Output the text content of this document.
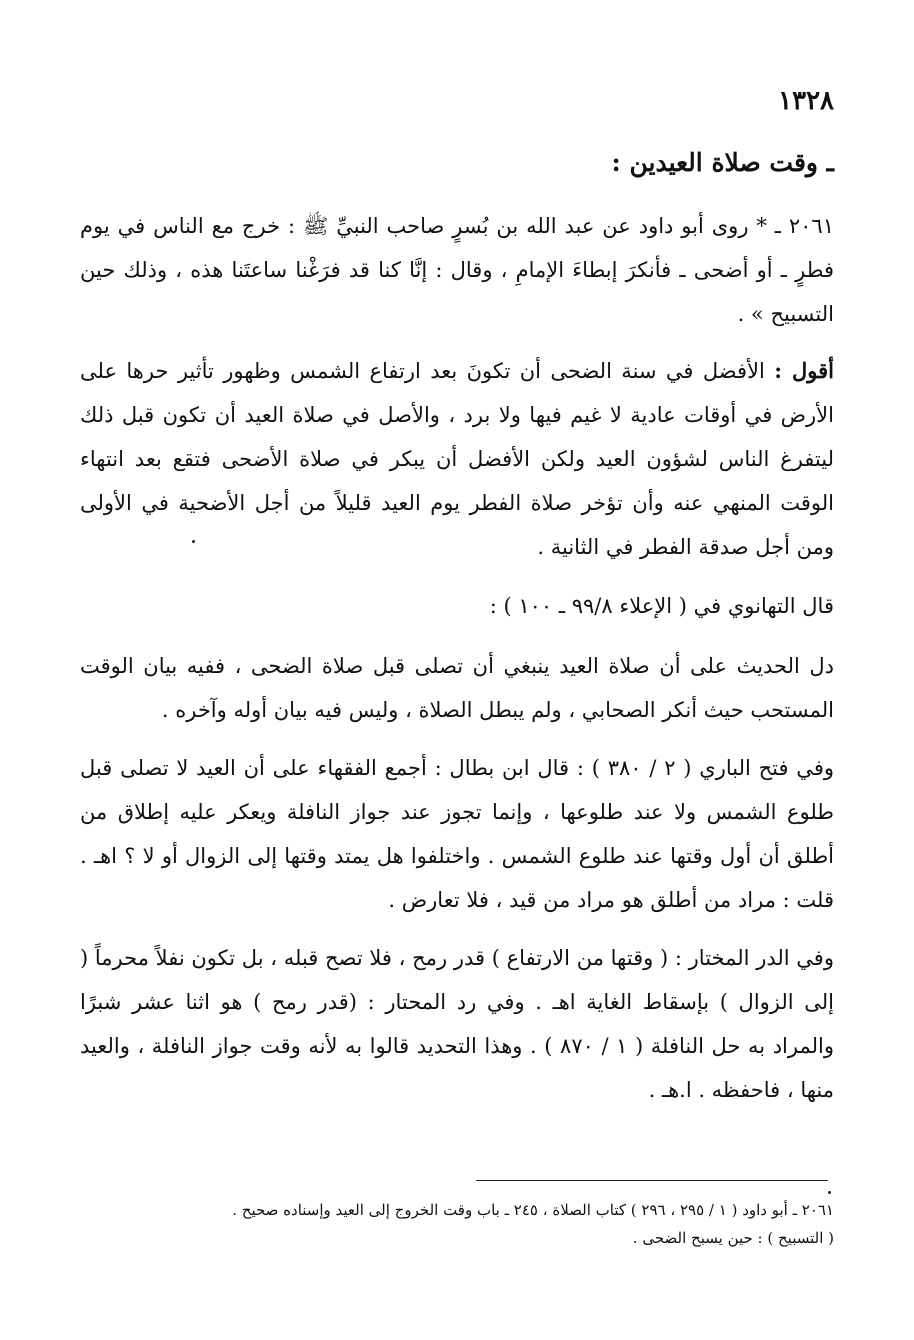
١٣٢٨
ـ وقت صلاة العيدين :
٢٠٦١ ـ * روى أبو داود عن عبد الله بن بُسرٍ صاحب النبيِّ ﷺ : خرج مع الناس في يوم فطرٍ ـ أو أضحى ـ فأنكرَ إبطاءَ الإمامِ ، وقال : إنَّا كنا قد فرَغْنا ساعتَنا هذه ، وذلك حين التسبيح » .
أقول : الأفضل في سنة الضحى أن تكونَ بعد ارتفاع الشمس وظهور تأثير حرها على الأرض في أوقات عادية لا غيم فيها ولا برد ، والأصل في صلاة العيد أن تكون قبل ذلك ليتفرغ الناس لشؤون العيد ولكن الأفضل أن يبكر في صلاة الأضحى فتقع بعد انتهاء الوقت المنهي عنه وأن تؤخر صلاة الفطر يوم العيد قليلاً من أجل الأضحية في الأولى ومن أجل صدقة الفطر في الثانية .
قال التهانوي في ( الإعلاء ٩٩/٨ ـ ١٠٠ ) :
دل الحديث على أن صلاة العيد ينبغي أن تصلى قبل صلاة الضحى ، ففيه بيان الوقت المستحب حيث أنكر الصحابي ، ولم يبطل الصلاة ، وليس فيه بيان أوله وآخره .
وفي فتح الباري ( ٢ / ٣٨٠ ) : قال ابن بطال : أجمع الفقهاء على أن العيد لا تصلى قبل طلوع الشمس ولا عند طلوعها ، وإنما تجوز عند جواز النافلة ويعكر عليه إطلاق من أطلق أن أول وقتها عند طلوع الشمس . واختلفوا هل يمتد وقتها إلى الزوال أو لا ؟ اهـ . قلت : مراد من أطلق هو مراد من قيد ، فلا تعارض .
وفي الدر المختار : ( وقتها من الارتفاع ) قدر رمح ، فلا تصح قبله ، بل تكون نفلاً محرماً ( إلى الزوال ) بإسقاط الغاية اهـ . وفي رد المحتار : (قدر رمح ) هو اثنا عشر شبرًا والمراد به حل النافلة ( ١ / ٨٧٠ ) . وهذا التحديد قالوا به لأنه وقت جواز النافلة ، والعيد منها ، فاحفظه . ا.هـ .

٢٠٦١ ـ أبو داود ( ١ / ٢٩٥ ، ٢٩٦ ) كتاب الصلاة ، ٢٤٥ ـ باب وقت الخروج إلى العيد وإسناده صحيح .

( التسبيح ) : حين يسبح الضحى .
